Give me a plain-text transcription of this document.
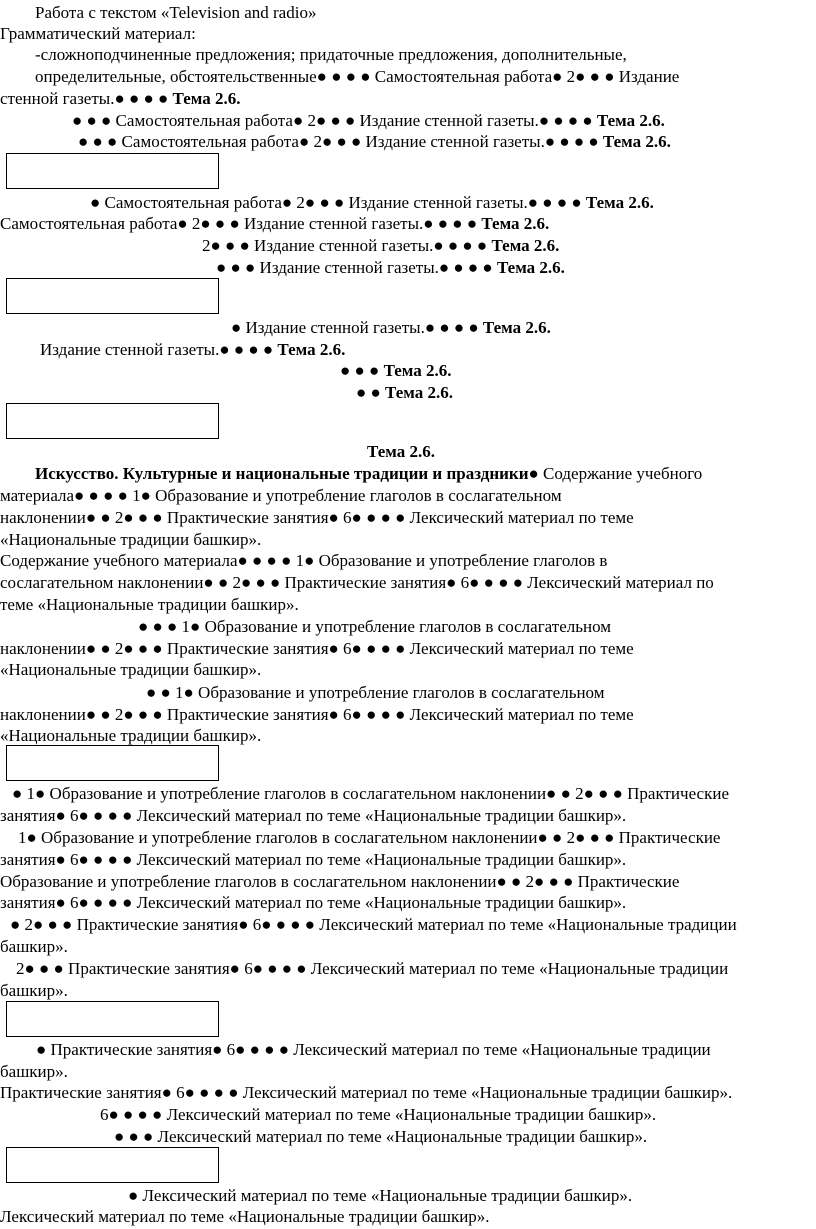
Работа с текстом «Television and radio»
Грамматический материал:
-сложноподчиненные предложения; придаточные предложения, дополнительные,
определительные, обстоятельственные● ● ● ● Самостоятельная работа● 2● ● ● Издание
стенной газеты.● ● ● ● Тема 2.6.
● ● ● Самостоятельная работа● 2● ● ● Издание стенной газеты.● ● ● ● Тема 2.6.
● ● ● Самостоятельная работа● 2● ● ● Издание стенной газеты.● ● ● ● Тема 2.6.
● Самостоятельная работа● 2● ● ● Издание стенной газеты.● ● ● ● Тема 2.6.
Самостоятельная работа● 2● ● ● Издание стенной газеты.● ● ● ● Тема 2.6.
2● ● ● Издание стенной газеты.● ● ● ● Тема 2.6.
● ● ● Издание стенной газеты.● ● ● ● Тема 2.6.
● Издание стенной газеты.● ● ● ● Тема 2.6.
Издание стенной газеты.● ● ● ● Тема 2.6.
● ● ● Тема 2.6.
● ● Тема 2.6.
Тема 2.6.
Искусство. Культурные и национальные традиции и праздники● Содержание учебного
материала● ● ● ● 1● Образование и употребление глаголов в сослагательном
наклонении● ● 2● ● ● Практические занятия● 6● ● ● ● Лексический материал по теме
«Национальные традиции башкир».
Содержание учебного материала● ● ● ● 1● Образование и употребление глаголов в
сослагательном наклонении● ● 2● ● ● Практические занятия● 6● ● ● ● Лексический материал по
теме «Национальные традиции башкир».
● ● ● 1● Образование и употребление глаголов в сослагательном
наклонении● ● 2● ● ● Практические занятия● 6● ● ● ● Лексический материал по теме
«Национальные традиции башкир».
● ● 1● Образование и употребление глаголов в сослагательном
наклонении● ● 2● ● ● Практические занятия● 6● ● ● ● Лексический материал по теме
«Национальные традиции башкир».
● 1● Образование и употребление глаголов в сослагательном наклонении● ● 2● ● ● Практические
занятия● 6● ● ● ● Лексический материал по теме «Национальные традиции башкир».
1● Образование и употребление глаголов в сослагательном наклонении● ● 2● ● ● Практические
занятия● 6● ● ● ● Лексический материал по теме «Национальные традиции башкир».
Образование и употребление глаголов в сослагательном наклонении● ● 2● ● ● Практические
занятия● 6● ● ● ● Лексический материал по теме «Национальные традиции башкир».
● 2● ● ● Практические занятия● 6● ● ● ● Лексический материал по теме «Национальные традиции
башкир».
2● ● ● Практические занятия● 6● ● ● ● Лексический материал по теме «Национальные традиции
башкир».
● Практические занятия● 6● ● ● ● Лексический материал по теме «Национальные традиции
башкир».
Практические занятия● 6● ● ● ● Лексический материал по теме «Национальные традиции башкир».
6● ● ● ● Лексический материал по теме «Национальные традиции башкир».
● ● ● Лексический материал по теме «Национальные традиции башкир».
● Лексический материал по теме «Национальные традиции башкир».
Лексический материал по теме «Национальные традиции башкир».
